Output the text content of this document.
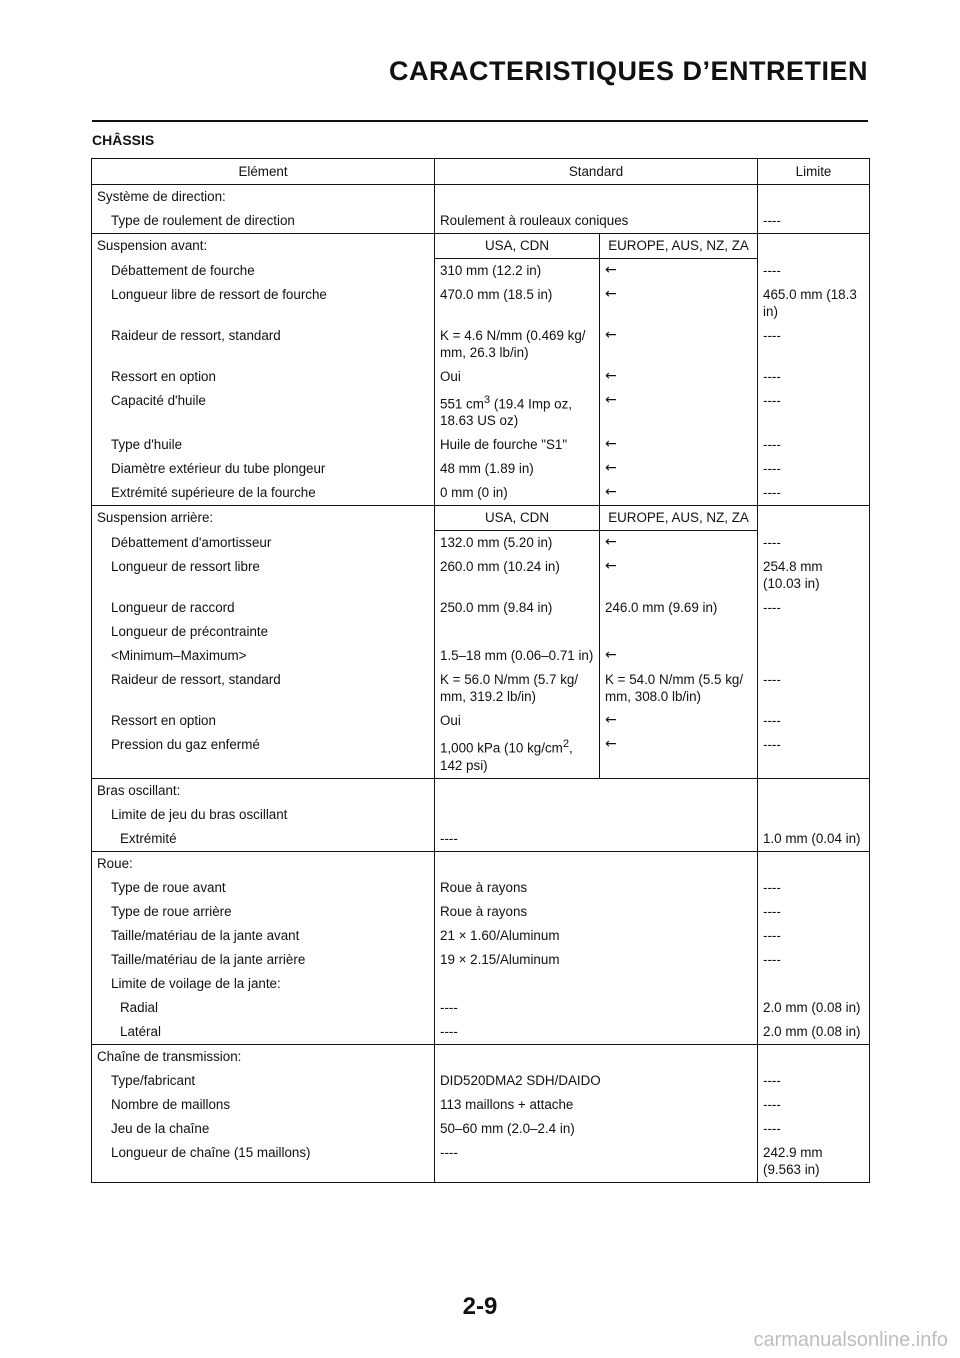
CARACTERISTIQUES D’ENTRETIEN
CHÂSSIS
Elément	Standard		Limite
Système de direction:			
Type de roulement de direction	Roulement à rouleaux coniques		----
Suspension avant:	USA, CDN	EUROPE, AUS, NZ, ZA	
Débattement de fourche	310 mm (12.2 in)	←	----
Longueur libre de ressort de fourche	470.0 mm (18.5 in)	←	465.0 mm (18.3 in)
Raideur de ressort, standard	K = 4.6 N/mm (0.469 kg/ mm, 26.3 lb/in)	←	----
Ressort en option	Oui	←	----
Capacité d'huile	551 $cm^3$ (19.4 Imp oz, 18.63 US oz)	←	----
Type d'huile	Huile de fourche "S1"	←	----
Diamètre extérieur du tube plongeur	48 mm (1.89 in)	←	----
Extrémité supérieure de la fourche	0 mm (0 in)	←	----
Suspension arrière:	USA, CDN	EUROPE, AUS, NZ, ZA	
Débattement d'amortisseur	132.0 mm (5.20 in)	←	----
Longueur de ressort libre	260.0 mm (10.24 in)	←	254.8 mm (10.03 in)
Longueur de raccord	250.0 mm (9.84 in)	246.0 mm (9.69 in)	----
Longueur de précontrainte			
<Minimum–Maximum>	1.5–18 mm (0.06–0.71 in)	←	
Raideur de ressort, standard	K = 56.0 N/mm (5.7 kg/ mm, 319.2 lb/in)	K = 54.0 N/mm (5.5 kg/ mm, 308.0 lb/in)	----
Ressort en option	Oui	←	----
Pression du gaz enfermé	1,000 kPa (10 $kg/cm^2$, 142 psi)	←	----
Bras oscillant:			
Limite de jeu du bras oscillant			
Extrémité	----		1.0 mm (0.04 in)
Roue:			
Type de roue avant	Roue à rayons		----
Type de roue arrière	Roue à rayons		----
Taille/matériau de la jante avant	21 × 1.60/Aluminum		----
Taille/matériau de la jante arrière	19 × 2.15/Aluminum		----
Limite de voilage de la jante:			
Radial	----		2.0 mm (0.08 in)
Latéral	----		2.0 mm (0.08 in)
Chaîne de transmission:			
Type/fabricant	DID520DMA2 SDH/DAIDO		----
Nombre de maillons	113 maillons + attache		----
Jeu de la chaîne	50–60 mm (2.0–2.4 in)		----
Longueur de chaîne (15 maillons)	----		242.9 mm (9.563 in)
2-9
carmanualsonline.info
